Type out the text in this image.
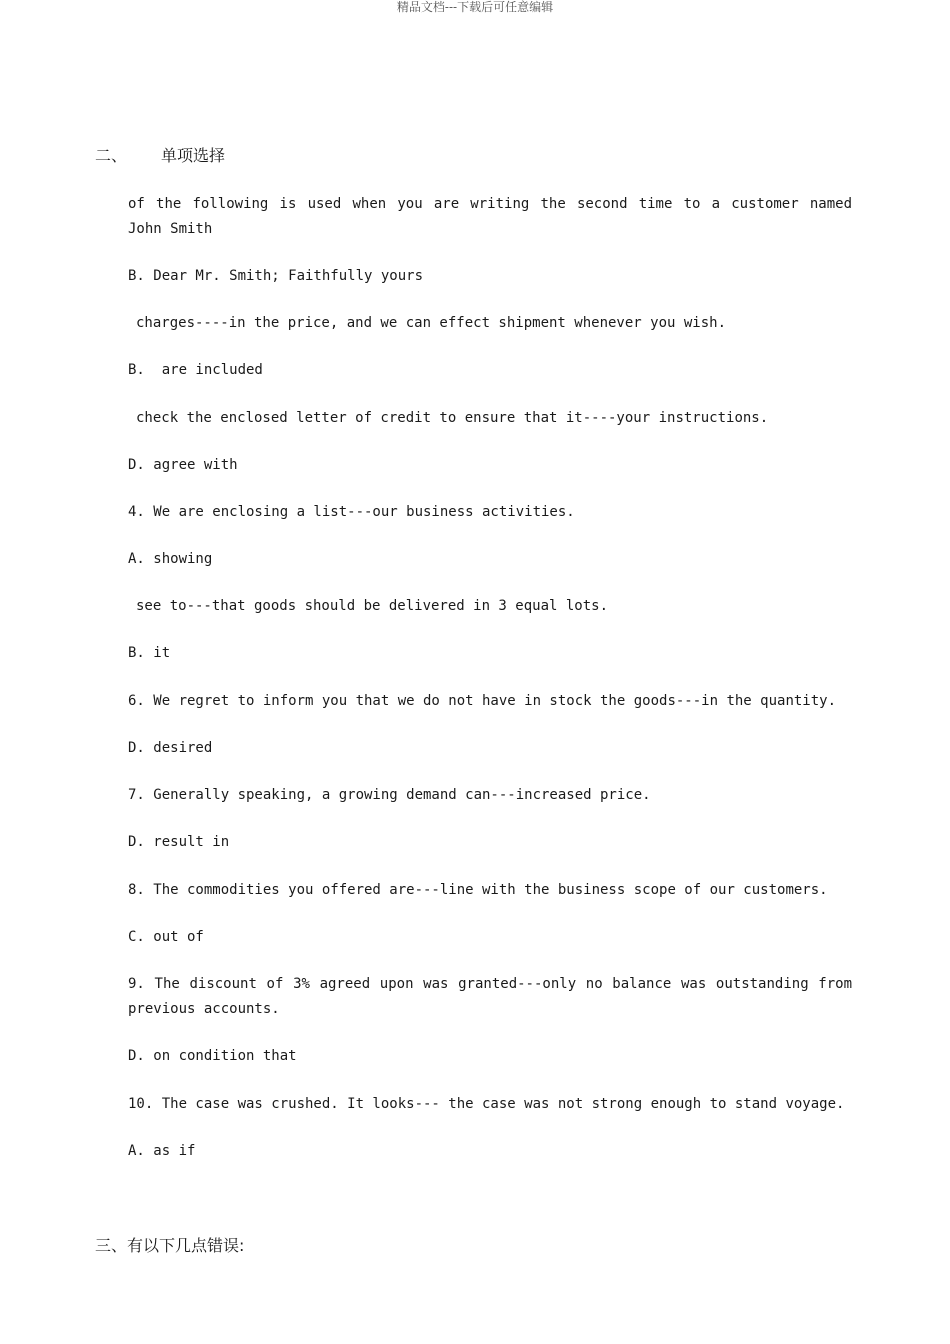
精品文档---下载后可任意编辑
二、 单项选择
of the following is used when you are writing the second time to a customer named
John Smith
B. Dear Mr. Smith; Faithfully yours
charges----in the price, and we can effect shipment whenever you wish.
B.  are included
check the enclosed letter of credit to ensure that it----your instructions.
D. agree with
4. We are enclosing a list---our business activities.
A. showing
see to---that goods should be delivered in 3 equal lots.
B. it
6. We regret to inform you that we do not have in stock the goods---in the quantity.
D. desired
7. Generally speaking, a growing demand can---increased price.
D. result in
8. The commodities you offered are---line with the business scope of our customers.
C. out of
9. The discount of 3% agreed upon was granted---only no balance was outstanding from
previous accounts.
D. on condition that
10. The case was crushed. It looks--- the case was not strong enough to stand voyage.
A. as if
三、有以下几点错误:
